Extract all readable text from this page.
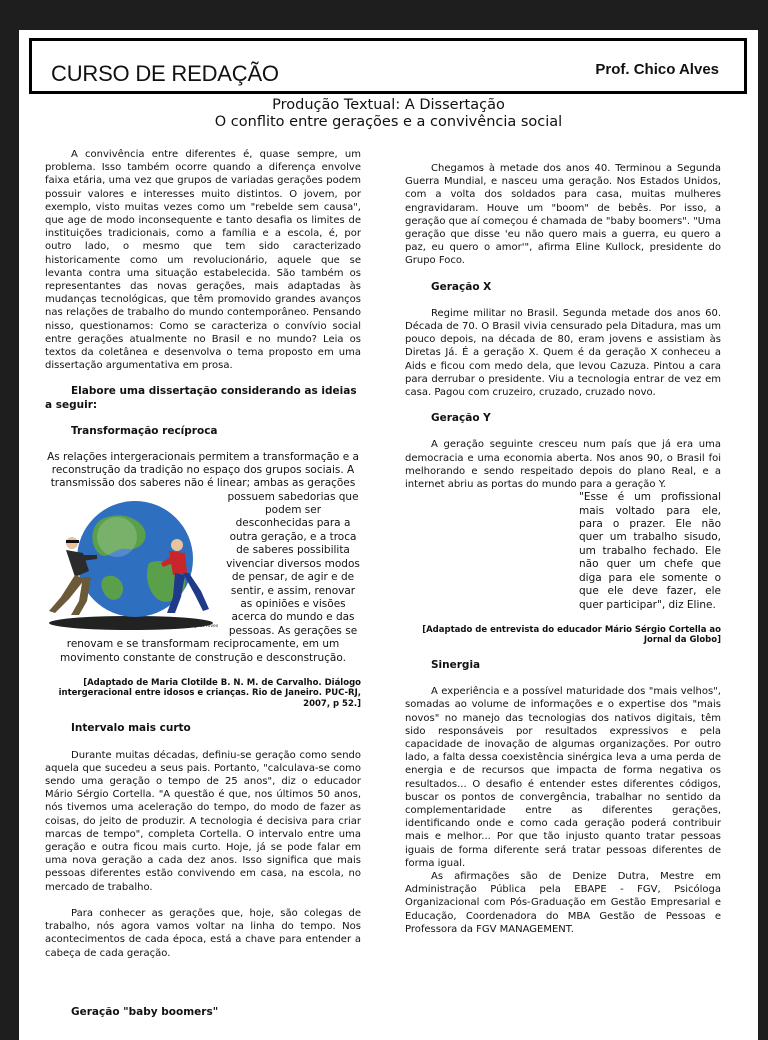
CURSO DE REDAÇÃO	Prof. Chico Alves
Produção Textual: A Dissertação
O conflito entre gerações e a convivência social

A convivência entre diferentes é, quase sempre, um problema. Isso também ocorre quando a diferença envolve faixa etária, uma vez que grupos de variadas gerações podem possuir valores e interesses muito distintos. O jovem, por exemplo, visto muitas vezes como um "rebelde sem causa", que age de modo inconsequente e tanto desafia os limites de instituições tradicionais, como a família e a escola, é, por outro lado, o mesmo que tem sido caracterizado historicamente como um revolucionário, aquele que se levanta contra uma situação estabelecida. São também os representantes das novas gerações, mais adaptadas às mudanças tecnológicas, que têm promovido grandes avanços nas relações de trabalho do mundo contemporâneo. Pensando nisso, questionamos: Como se caracteriza o convívio social entre gerações atualmente no Brasil e no mundo? Leia os textos da coletânea e desenvolva o tema proposto em uma dissertação argumentativa em prosa.

Elabore uma dissertação considerando as ideias a seguir:

Transformação recíproca

As relações intergeracionais permitem a transformação e a reconstrução da tradição no espaço dos grupos sociais. A transmissão dos saberes não é linear; ambas as gerações

Milton Rodrigues Alves

possuem sabedorias que podem ser desconhecidas para a outra geração, e a troca de saberes possibilita vivenciar diversos modos de pensar, de agir e de sentir, e assim, renovar as opiniões e visões acerca do mundo e das pessoas. As gerações se renovam e se transformam reciprocamente, em um movimento constante de construção e desconstrução.

[Adaptado de Maria Clotilde B. N. M. de Carvalho. Diálogo intergeracional entre idosos e crianças. Rio de Janeiro. PUC-RJ, 2007, p 52.]

Intervalo mais curto

Durante muitas décadas, definiu-se geração como sendo aquela que sucedeu a seus pais. Portanto, "calculava-se como sendo uma geração o tempo de 25 anos", diz o educador Mário Sérgio Cortella. "A questão é que, nos últimos 50 anos, nós tivemos uma aceleração do tempo, do modo de fazer as coisas, do jeito de produzir. A tecnologia é decisiva para criar marcas de tempo", completa Cortella. O intervalo entre uma geração e outra ficou mais curto. Hoje, já se pode falar em uma nova geração a cada dez anos. Isso significa que mais pessoas diferentes estão convivendo em casa, na escola, no mercado de trabalho.

Para conhecer as gerações que, hoje, são colegas de trabalho, nós agora vamos voltar na linha do tempo. Nos acontecimentos de cada época, está a chave para entender a cabeça de cada geração.

Geração "baby boomers"

Chegamos à metade dos anos 40. Terminou a Segunda Guerra Mundial, e nasceu uma geração. Nos Estados Unidos, com a volta dos soldados para casa, muitas mulheres engravidaram. Houve um "boom" de bebês. Por isso, a geração que aí começou é chamada de "baby boomers". "Uma geração que disse 'eu não quero mais a guerra, eu quero a paz, eu quero o amor'", afirma Eline Kullock, presidente do Grupo Foco.

Geração X

Regime militar no Brasil. Segunda metade dos anos 60. Década de 70. O Brasil vivia censurado pela Ditadura, mas um pouco depois, na década de 80, eram jovens e assistiam às Diretas Já. É a geração X. Quem é da geração X conheceu a Aids e ficou com medo dela, que levou Cazuza. Pintou a cara para derrubar o presidente. Viu a tecnologia entrar de vez em casa. Pagou com cruzeiro, cruzado, cruzado novo.

Geração Y

A geração seguinte cresceu num país que já era uma democracia e uma economia aberta. Nos anos 90, o Brasil foi melhorando e sendo respeitado depois do plano Real, e a internet abriu as portas do mundo para a geração Y.

"Esse é um profissional mais voltado para ele, para o prazer. Ele não quer um trabalho sisudo, um trabalho fechado. Ele não quer um chefe que diga para ele somente o que ele deve fazer, ele quer participar", diz Eline.

[Adaptado de entrevista do educador Mário Sérgio Cortella ao Jornal da Globo]

Sinergia

A experiência e a possível maturidade dos "mais velhos", somadas ao volume de informações e o expertise dos "mais novos" no manejo das tecnologias dos nativos digitais, têm sido responsáveis por resultados expressivos e pela capacidade de inovação de algumas organizações. Por outro lado, a falta dessa coexistência sinérgica leva a uma perda de energia e de recursos que impacta de forma negativa os resultados... O desafio é entender estes diferentes códigos, buscar os pontos de convergência, trabalhar no sentido da complementaridade entre as diferentes gerações, identificando onde e como cada geração poderá contribuir mais e melhor... Por que tão injusto quanto tratar pessoas iguais de forma diferente será tratar pessoas diferentes de forma igual.

As afirmações são de Denize Dutra, Mestre em Administração Pública pela EBAPE - FGV, Psicóloga Organizacional com Pós-Graduação em Gestão Empresarial e Educação, Coordenadora do MBA Gestão de Pessoas e Professora da FGV MANAGEMENT.
